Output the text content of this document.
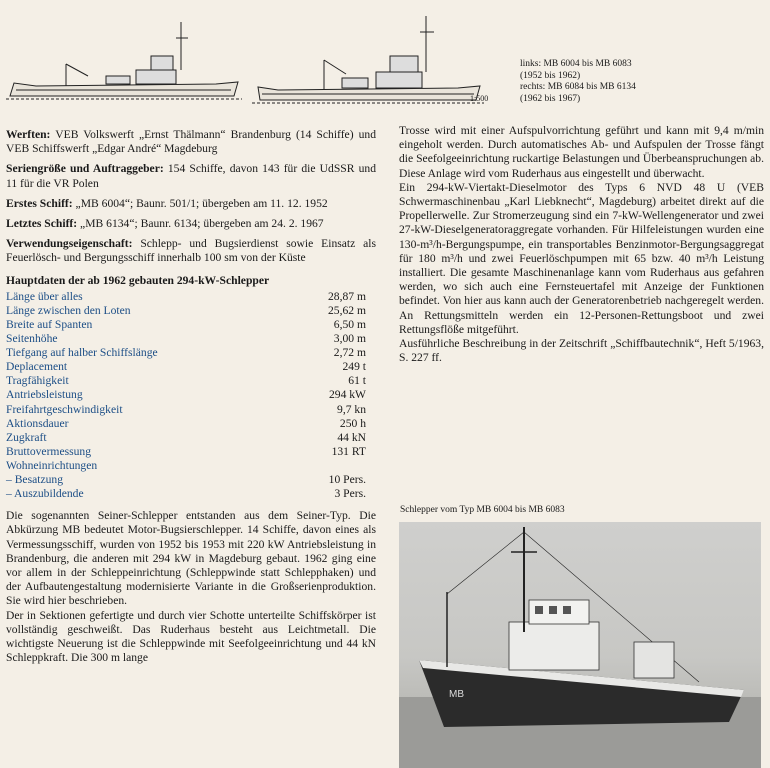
1:500
links: MB 6004 bis MB 6083
(1952 bis 1962)
rechts: MB 6084 bis MB 6134
(1962 bis 1967)

Werften: VEB Volkswerft „Ernst Thälmann“ Brandenburg (14 Schiffe) und VEB Schiffswerft „Edgar André“ Magdeburg

Seriengröße und Auftraggeber: 154 Schiffe, davon 143 für die UdSSR und 11 für die VR Polen

Erstes Schiff: „MB 6004“; Baunr. 501/1; übergeben am 11. 12. 1952

Letztes Schiff: „MB 6134“; Baunr. 6134; übergeben am 24. 2. 1967

Verwendungseigenschaft: Schlepp- und Bugsierdienst sowie Einsatz als Feuerlösch- und Bergungsschiff innerhalb 100 sm von der Küste

Hauptdaten der ab 1962 gebauten 294-kW-Schlepper
Länge über alles	28,87 m
Länge zwischen den Loten	25,62 m
Breite auf Spanten	6,50 m
Seitenhöhe	3,00 m
Tiefgang auf halber Schiffslänge	2,72 m
Deplacement	249 t
Tragfähigkeit	61 t
Antriebsleistung	294 kW
Freifahrtgeschwindigkeit	9,7 kn
Aktionsdauer	250 h
Zugkraft	44 kN
Bruttovermessung	131 RT
Wohneinrichtungen	
– Besatzung	10 Pers.
– Auszubildende	3 Pers.
Die sogenannten Seiner-Schlepper entstanden aus dem Seiner-Typ. Die Abkürzung MB bedeutet Motor-Bugsierschlepper. 14 Schiffe, davon eines als Vermessungsschiff, wurden von 1952 bis 1953 mit 220 kW Antriebsleistung in Brandenburg, die anderen mit 294 kW in Magdeburg gebaut. 1962 ging eine vor allem in der Schleppeinrichtung (Schleppwinde statt Schlepphaken) und der Aufbautengestaltung modernisierte Variante in die Großserienproduktion. Sie wird hier beschrieben.
Der in Sektionen gefertigte und durch vier Schotte unterteilte Schiffskörper ist vollständig geschweißt. Das Ruderhaus besteht aus Leichtmetall. Die wichtigste Neuerung ist die Schleppwinde mit Seefolgeeinrichtung und 44 kN Schleppkraft. Die 300 m lange

Trosse wird mit einer Aufspulvorrichtung geführt und kann mit 9,4 m/min eingeholt werden. Durch automatisches Ab- und Aufspulen der Trosse fängt die Seefolgeeinrichtung ruckartige Belastungen und Überbeanspruchungen ab. Diese Anlage wird vom Ruderhaus aus eingestellt und überwacht.

Ein 294-kW-Viertakt-Dieselmotor des Typs 6 NVD 48 U (VEB Schwermaschinenbau „Karl Liebknecht“, Magdeburg) arbeitet direkt auf die Propellerwelle. Zur Stromerzeugung sind ein 7-kW-Wellengenerator und zwei 27-kW-Dieselgeneratoraggregate vorhanden. Für Hilfeleistungen wurden eine 130-m³/h-Bergungspumpe, ein transportables Benzinmotor-Bergungsaggregat für 180 m³/h und zwei Feuerlöschpumpen mit 65 bzw. 40 m³/h Leistung installiert. Die gesamte Maschinenanlage kann vom Ruderhaus aus gefahren werden, wo sich auch eine Fernsteuertafel mit Anzeige der Funktionen befindet. Von hier aus kann auch der Generatorenbetrieb nachgeregelt werden. An Rettungsmitteln werden ein 12-Personen-Rettungsboot und zwei Rettungsflöße mitgeführt.

Ausführliche Beschreibung in der Zeitschrift „Schiffbautechnik“, Heft 5/1963, S. 227 ff.

Schlepper vom Typ MB 6004 bis MB 6083
MB
